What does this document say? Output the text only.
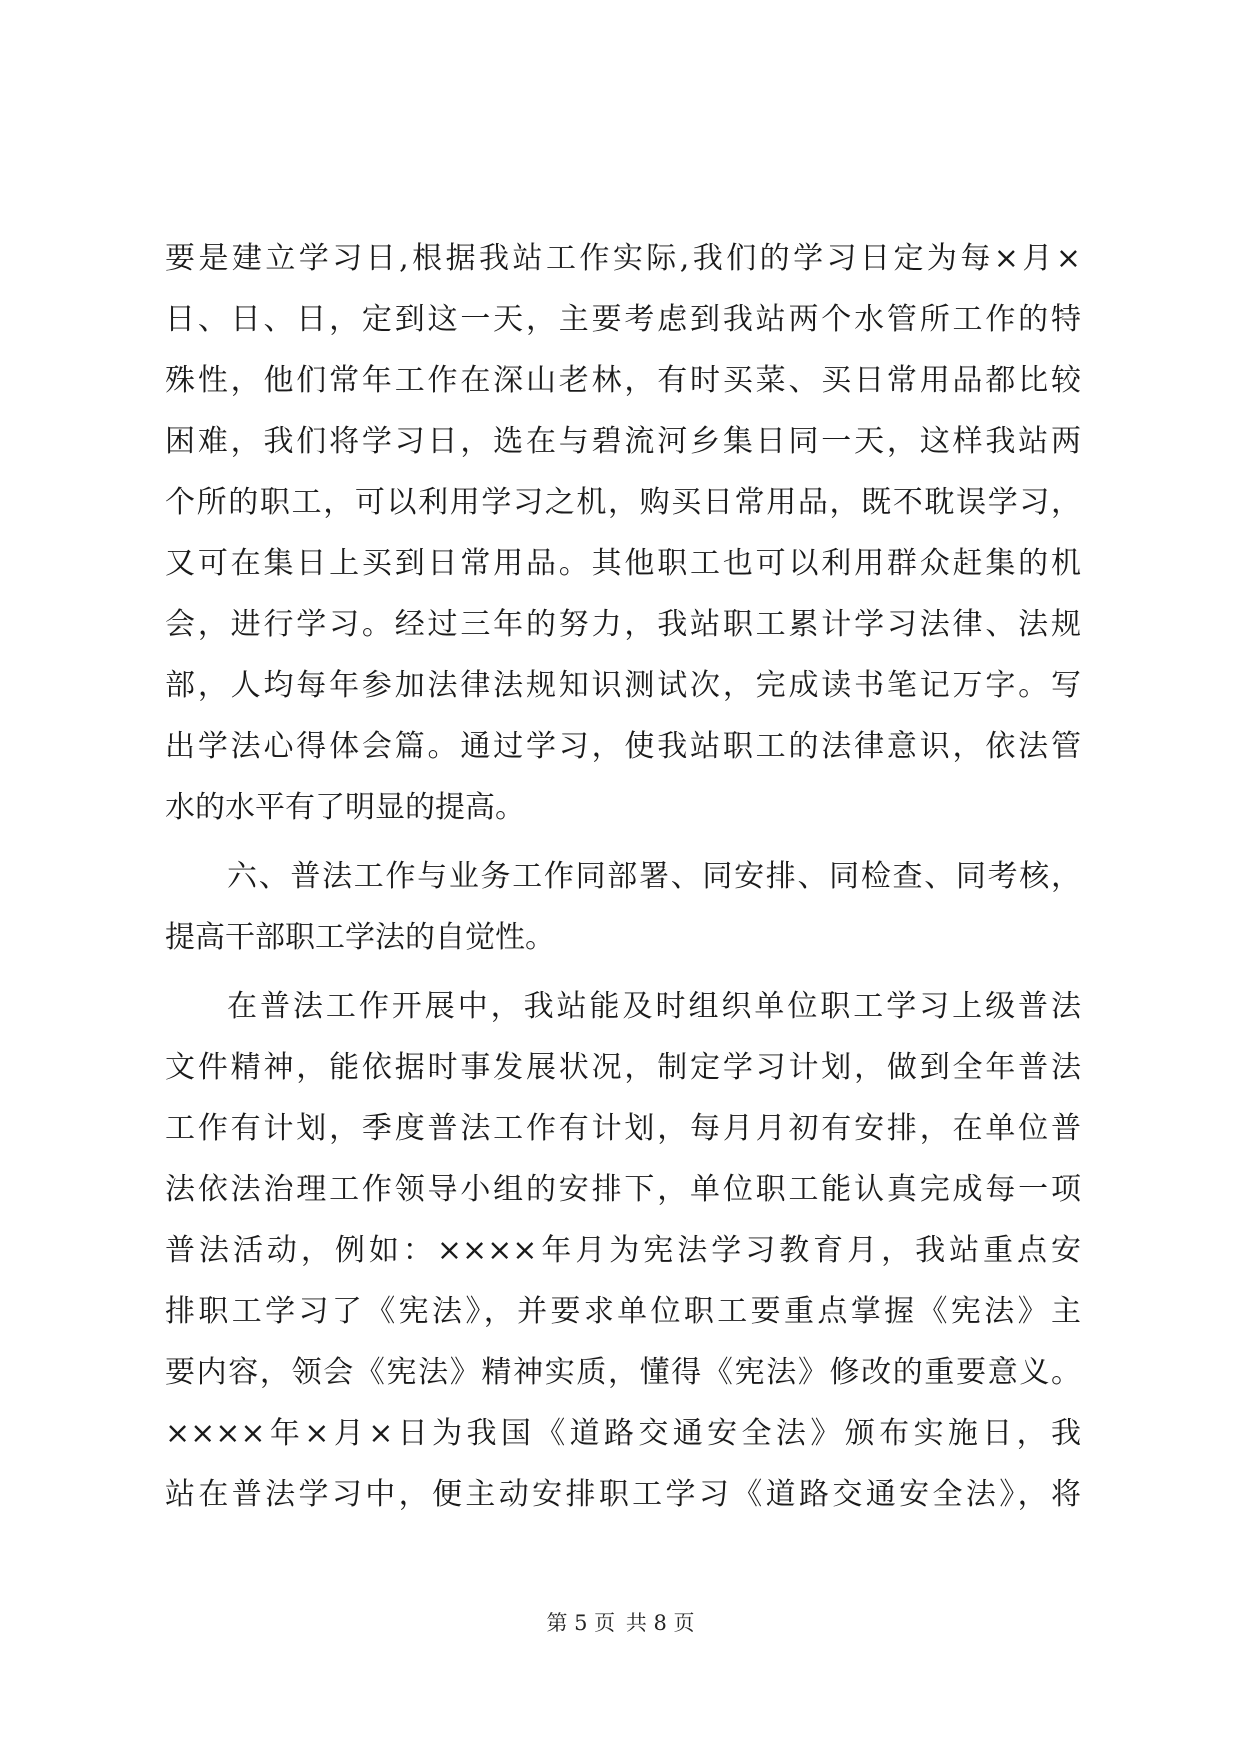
要是建立学习日,根据我站工作实际,我们的学习日定为每×月×
日、日、日，定到这一天，主要考虑到我站两个水管所工作的特
殊性，他们常年工作在深山老林，有时买菜、买日常用品都比较
困难，我们将学习日，选在与碧流河乡集日同一天，这样我站两
个所的职工，可以利用学习之机，购买日常用品，既不耽误学习，
又可在集日上买到日常用品。其他职工也可以利用群众赶集的机
会，进行学习。经过三年的努力，我站职工累计学习法律、法规
部，人均每年参加法律法规知识测试次，完成读书笔记万字。写
出学法心得体会篇。通过学习，使我站职工的法律意识，依法管
水的水平有了明显的提高。
六、普法工作与业务工作同部署、同安排、同检查、同考核，
提高干部职工学法的自觉性。
在普法工作开展中，我站能及时组织单位职工学习上级普法
文件精神，能依据时事发展状况，制定学习计划，做到全年普法
工作有计划，季度普法工作有计划，每月月初有安排，在单位普
法依法治理工作领导小组的安排下，单位职工能认真完成每一项
普法活动，例如：××××年月为宪法学习教育月，我站重点安
排职工学习了《宪法》，并要求单位职工要重点掌握《宪法》主
要内容，领会《宪法》精神实质，懂得《宪法》修改的重要意义。
××××年×月×日为我国《道路交通安全法》颁布实施日，我
站在普法学习中，便主动安排职工学习《道路交通安全法》，将
第 5 页 共 8 页
